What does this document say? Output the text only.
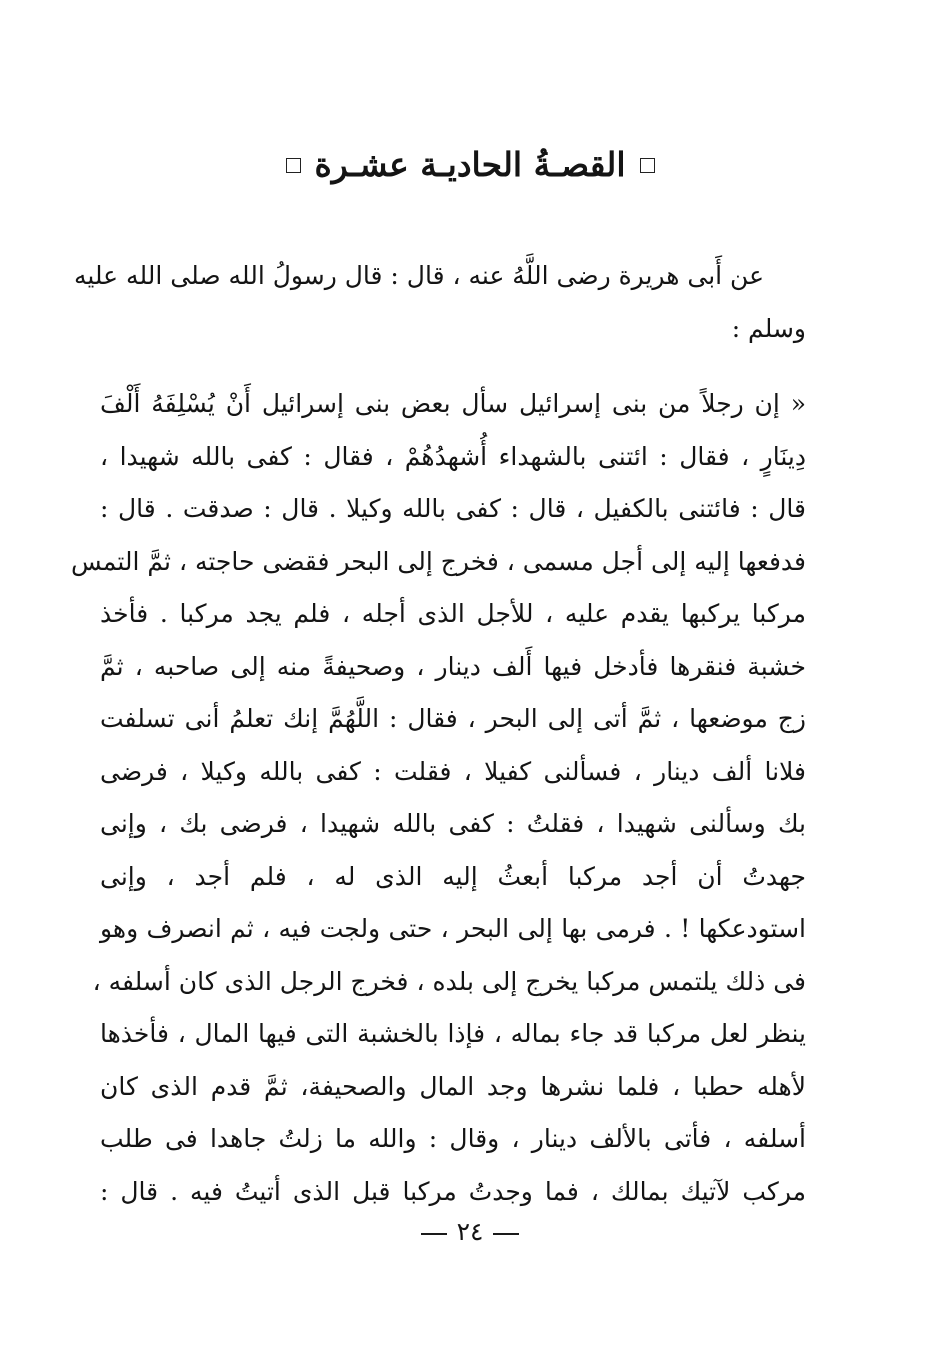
القصـةُ الحاديـة عشـرة
عن أَبى هريرة رضى اللَّهُ عنه ، قال : قال رسولُ الله صلى الله عليه
وسلم :
« إن رجلاً من بنى إسرائيل سأل بعض بنى إسرائيل أَنْ يُسْلِفَهُ أَلْفَ
دِينَارٍ ، فقال : ائتنى بالشهداء أُشهدُهُمْ ، فقال : كفى بالله شهيدا ،
قال : فائتنى بالكفيل ، قال : كفى بالله وكيلا . قال : صدقت . قال :
فدفعها إليه إلى أجل مسمى ، فخرج إلى البحر فقضى حاجته ، ثمَّ التمس
مركبا يركبها يقدم عليه ، للأجل الذى أجله ، فلم يجد مركبا . فأخذ
خشبة فنقرها فأدخل فيها أَلف دينار ، وصحيفةً منه إلى صاحبه ، ثمَّ
زج موضعها ، ثمَّ أتى إلى البحر ، فقال : اللَّهُمَّ إنك تعلمُ أنى تسلفت
فلانا ألف دينار ، فسألنى كفيلا ، فقلت : كفى بالله وكيلا ، فرضى
بك وسألنى شهيدا ، فقلتُ : كفى بالله شهيدا ، فرضى بك ، وإنى
جهدتُ أن أجد مركبا أبعثُ إليه الذى له ، فلم أجد ، وإنى
استودعكها ! . فرمى بها إلى البحر ، حتى ولجت فيه ، ثم انصرف وهو
فى ذلك يلتمس مركبا يخرج إلى بلده ، فخرج الرجل الذى كان أسلفه ،
ينظر لعل مركبا قد جاء بماله ، فإذا بالخشبة التى فيها المال ، فأخذها
لأهله حطبا ، فلما نشرها وجد المال والصحيفة، ثمَّ قدم الذى كان
أسلفه ، فأتى بالألف دينار ، وقال : والله ما زلتُ جاهدا فى طلب
مركب لآتيك بمالك ، فما وجدتُ مركبا قبل الذى أتيتُ فيه . قال :
٢٤
